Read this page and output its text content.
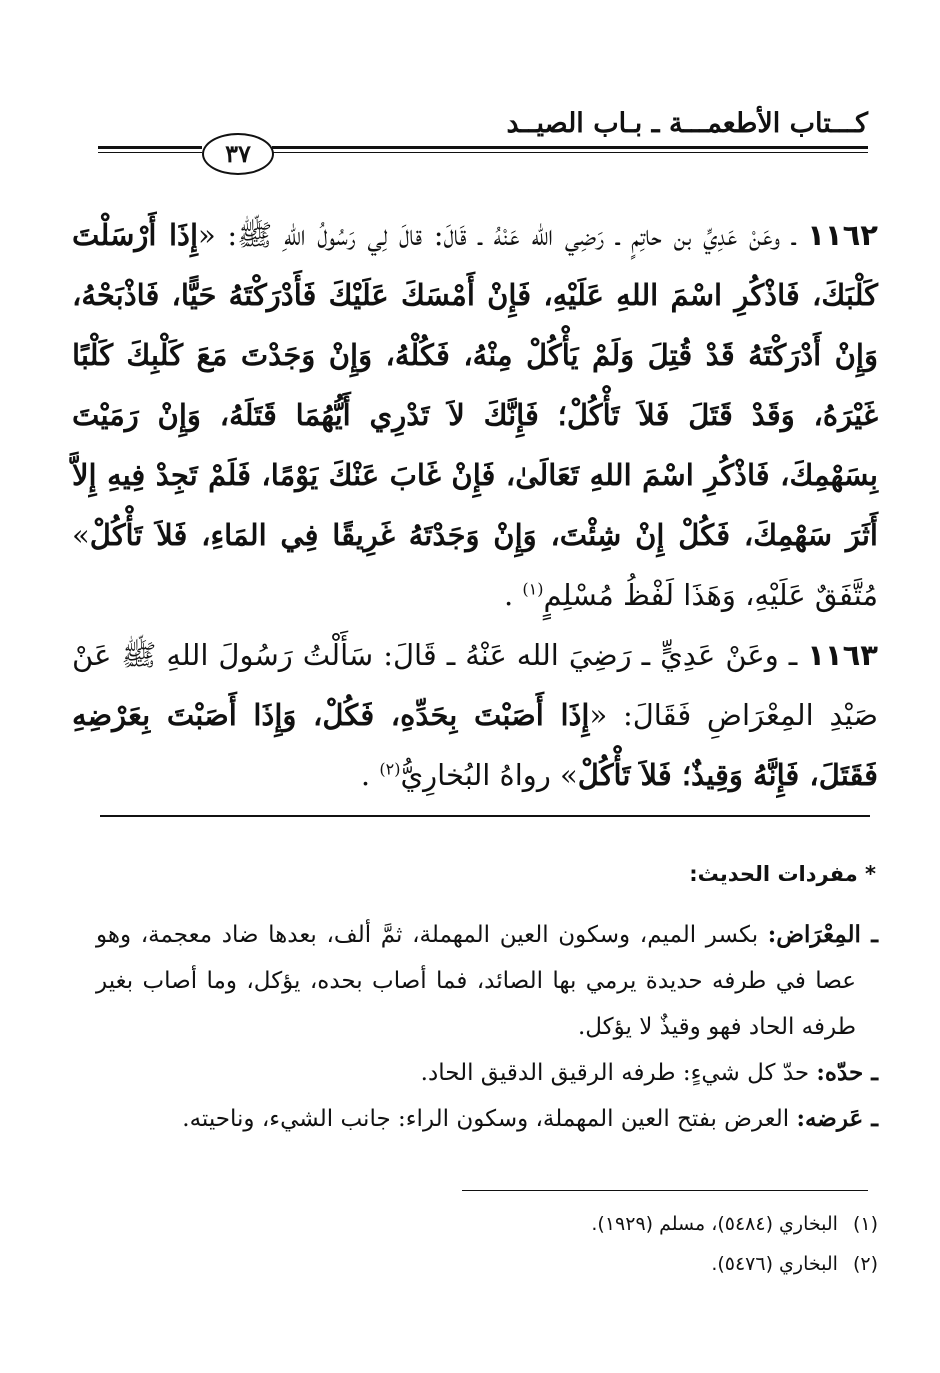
كـــتاب الأطعمـــة ـ بـاب الصيــد
٣٧

١١٦٢ ـ وعَنْ عَدِيِّ بن حاتِمٍ ـ رَضِي الله عَنْهُ ـ قَالَ: قالَ لِي رَسُولُ اللهِ ﷺ: «إِذَا أَرْسَلْتَ كَلْبَكَ، فَاذْكُرِ اسْمَ اللهِ عَلَيْهِ، فَإِنْ أَمْسَكَ عَلَيْكَ فَأَدْرَكْتَهُ حَيًّا، فَاذْبَحْهُ، وَإِنْ أَدْرَكْتَهُ قَدْ قُتِلَ وَلَمْ يَأْكُلْ مِنْهُ، فَكُلْهُ، وَإِنْ وَجَدْتَ مَعَ كَلْبِكَ كَلْبًا غَيْرَهُ، وَقَدْ قَتَلَ فَلاَ تَأْكُلْ؛ فَإِنَّكَ لاَ تَدْرِي أَيُّهُمَا قَتَلَهُ، وَإِنْ رَمَيْتَ بِسَهْمِكَ، فَاذْكُرِ اسْمَ اللهِ تَعَالَىٰ، فَإِنْ غَابَ عَنْكَ يَوْمًا، فَلَمْ تَجِدْ فِيهِ إِلاَّ أَثَرَ سَهْمِكَ، فَكُلْ إِنْ شِئْتَ، وَإِنْ وَجَدْتَهُ غَرِيقًا فِي المَاءِ، فَلاَ تَأْكُلْ» مُتَّفَقٌ عَلَيْهِ، وَهَذَا لَفْظُ مُسْلِمٍ$^{(١)}$ .

١١٦٣ ـ وعَنْ عَدِيٍّ ـ رَضِيَ الله عَنْهُ ـ قَالَ: سَأَلْتُ رَسُولَ اللهِ ﷺ عَنْ صَيْدِ المِعْرَاضِ فَقَالَ: «إِذَا أَصَبْتَ بِحَدِّهِ، فَكُلْ، وَإِذَا أَصَبْتَ بِعَرْضِهِ فَقَتَلَ، فَإِنَّهُ وَقِيذٌ؛ فَلاَ تَأْكُلْ» رواهُ البُخارِيُّ$^{(٢)}$ .

* مفردات الحديث:

ـ المِعْرَاض: بكسر الميم، وسكون العين المهملة، ثمَّ ألف، بعدها ضاد معجمة، وهو عصا في طرفه حديدة يرمي بها الصائد، فما أصاب بحده، يؤكل، وما أصاب بغير طرفه الحاد فهو وقيذٌ لا يؤكل.

ـ حدّه: حدّ كل شيءٍ: طرفه الرقيق الدقيق الحاد.

ـ عَرضه: العرض بفتح العين المهملة، وسكون الراء: جانب الشيء، وناحيته.

(١) البخاري (٥٤٨٤)، مسلم (١٩٢٩).

(٢) البخاري (٥٤٧٦).
